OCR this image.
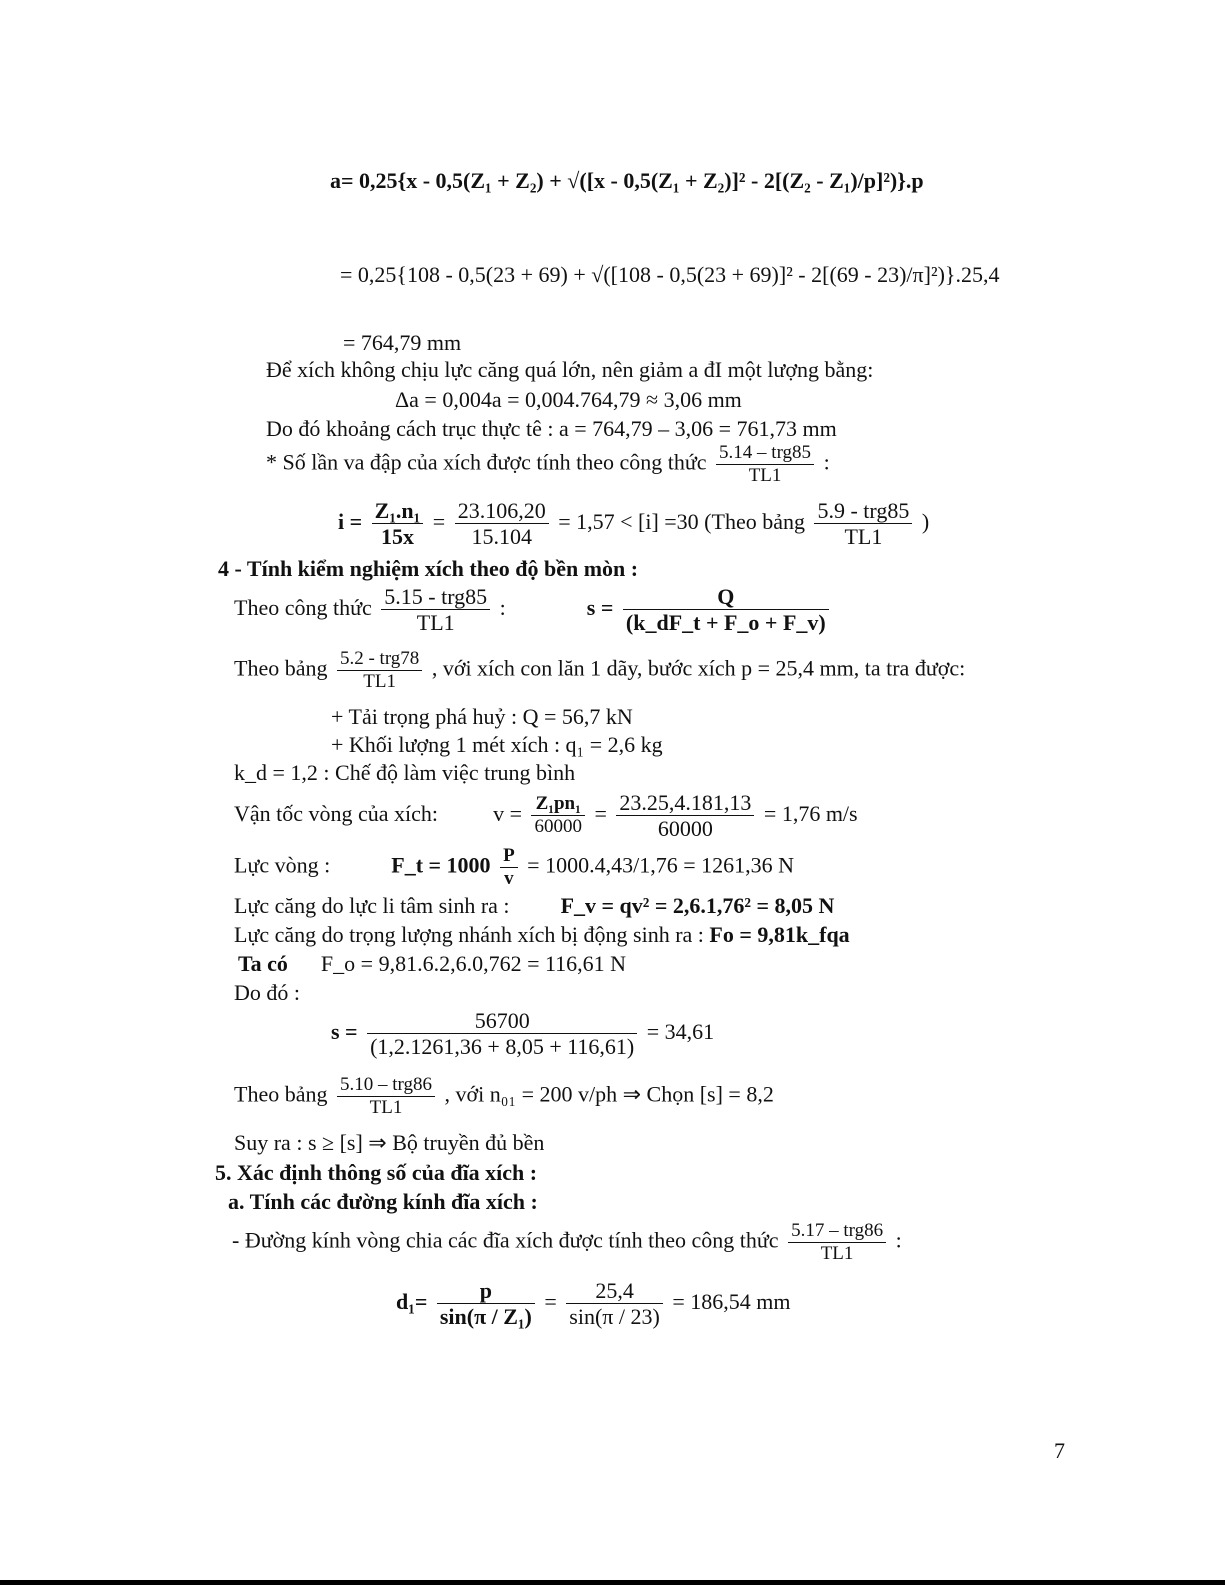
a= 0,25{x - 0,5(Z₁ + Z₂) + √([x - 0,5(Z₁ + Z₂)]² - 2[(Z₂ - Z₁)/p]²)}.p
= 0,25{108 - 0,5(23 + 69) + √([108 - 0,5(23 + 69)]² - 2[(69 - 23)/π]²)}.25,4
= 764,79 mm
Để xích không chịu lực căng quá lớn, nên giảm a đI một lượng bằng:
Δa = 0,004a = 0,004.764,79 ≈ 3,06 mm
Do đó khoảng cách trục thực tê : a = 764,79 – 3,06 = 761,73 mm
* Số lần va đập của xích được tính theo công thức $\frac{\text{5.14 – trg85}}{TL1}$ :
$i = \frac{\text{Z₁.n₁}}{15x} = \frac{23.106,20}{15.104} = 1,57 < [i] =30$ (Theo bảng $\frac{\text{5.9 - trg85}}{TL1}$ )
4 - Tính kiểm nghiệm xích theo độ bền mòn :
Theo công thức $\frac{\text{5.15 - trg85}}{TL1}$ :	$s = \frac{Q}{(k\_dF\_t + F\_o + F\_v)}$
Theo bảng $\frac{\text{5.2 - trg78}}{TL1}$ , với xích con lăn 1 dãy, bước xích p = 25,4 mm, ta tra được:
+ Tải trọng phá huỷ : Q = 56,7 kN
+ Khối lượng 1 mét xích : q₁ = 2,6 kg
k_d = 1,2 : Chế độ làm việc trung bình
Vận tốc vòng của xích:	$v = \frac{\text{Z₁pn₁}}{60000} = \frac{23.25,4.181,13}{60000} = 1,76$ m/s
Lực vòng :	F_t = $1000 \frac{P}{v} = 1000.4,43/1,76 = 1261,36$ N
Lực căng do lực li tâm sinh ra : F_v = qv² = 2,6.1,76² = 8,05 N
Lực căng do trọng lượng nhánh xích bị động sinh ra : Fo = 9,81k_fqa
Ta có F_o = 9,81.6.2,6.0,762 = 116,61 N
Do đó :
$s = \frac{56700}{(1,2.1261,36 + 8,05 + 116,61)} = 34,61$
Theo bảng $\frac{\text{5.10 – trg86}}{TL1}$ , với n₀₁ = 200 v/ph ⇒ Chọn [s] = 8,2
Suy ra : s ≥ [s] ⇒ Bộ truyền đủ bền
5. Xác định thông số của đĩa xích :
a. Tính các đường kính đĩa xích :
- Đường kính vòng chia các đĩa xích được tính theo công thức $\frac{\text{5.17 – trg86}}{TL1}$ :
$d_1= \frac{p}{\text{sin(π / Z₁)}} = \frac{25,4}{\sin(\pi / 23)} = 186,54$ mm
7
